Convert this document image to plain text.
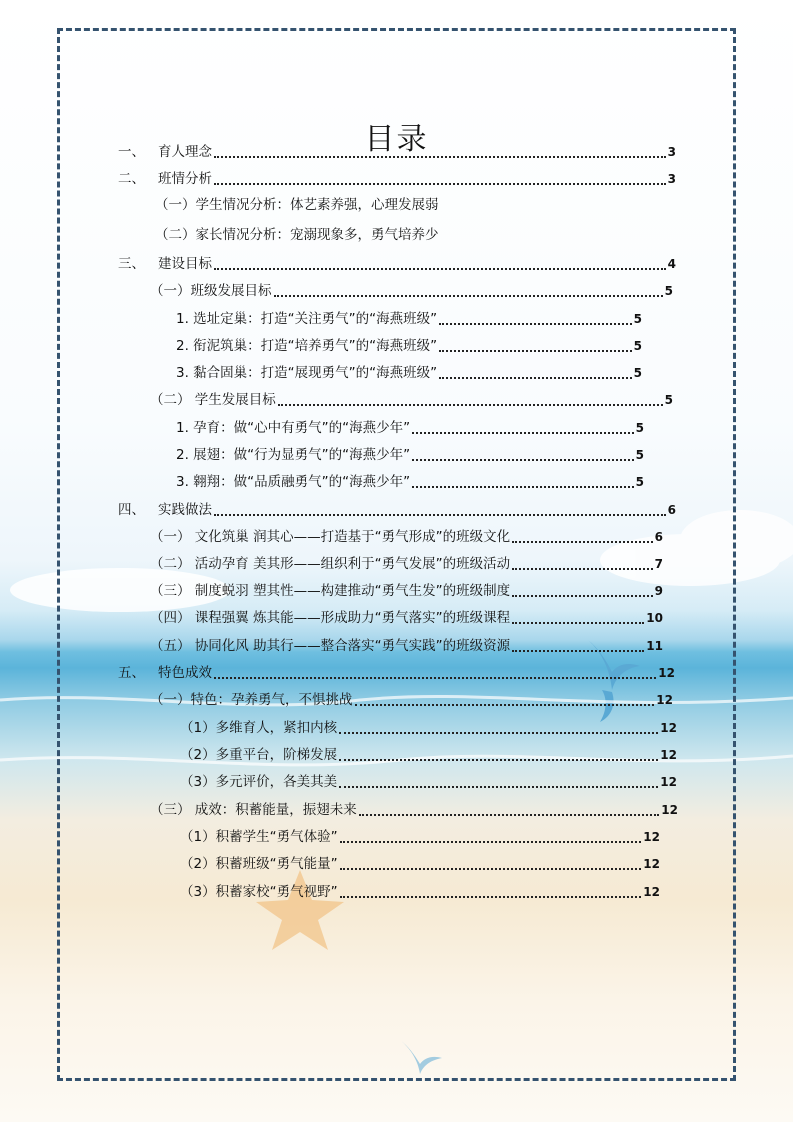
目录
一、 育人理念	3
二、 班情分析	3
（一）学生情况分析：体艺素养强，心理发展弱
（二）家长情况分析：宠溺现象多，勇气培养少
三、 建设目标	4
（一）班级发展目标	5
1. 选址定巢：打造“关注勇气”的“海燕班级”	5
2. 衔泥筑巢：打造“培养勇气”的“海燕班级”	5
3. 黏合固巢：打造“展现勇气”的“海燕班级”	5
（二） 学生发展目标	5
1. 孕育：做“心中有勇气”的“海燕少年”	5
2. 展翅：做“行为显勇气”的“海燕少年”	5
3. 翱翔：做“品质融勇气”的“海燕少年”	5
四、 实践做法	6
（一） 文化筑巢 润其心——打造基于“勇气形成”的班级文化	6
（二） 活动孕育 美其形——组织利于“勇气发展”的班级活动	7
（三） 制度蜕羽 塑其性——构建推动“勇气生发”的班级制度	9
（四） 课程强翼 炼其能——形成助力“勇气落实”的班级课程	10
（五） 协同化风 助其行——整合落实“勇气实践”的班级资源	11
五、 特色成效	12
（一）特色：孕养勇气，不惧挑战	12
（1）多维育人，紧扣内核	12
（2）多重平台，阶梯发展	12
（3）多元评价，各美其美	12
（三） 成效：积蓄能量，振翅未来	12
（1）积蓄学生“勇气体验”	12
（2）积蓄班级“勇气能量”	12
（3）积蓄家校“勇气视野”	12
